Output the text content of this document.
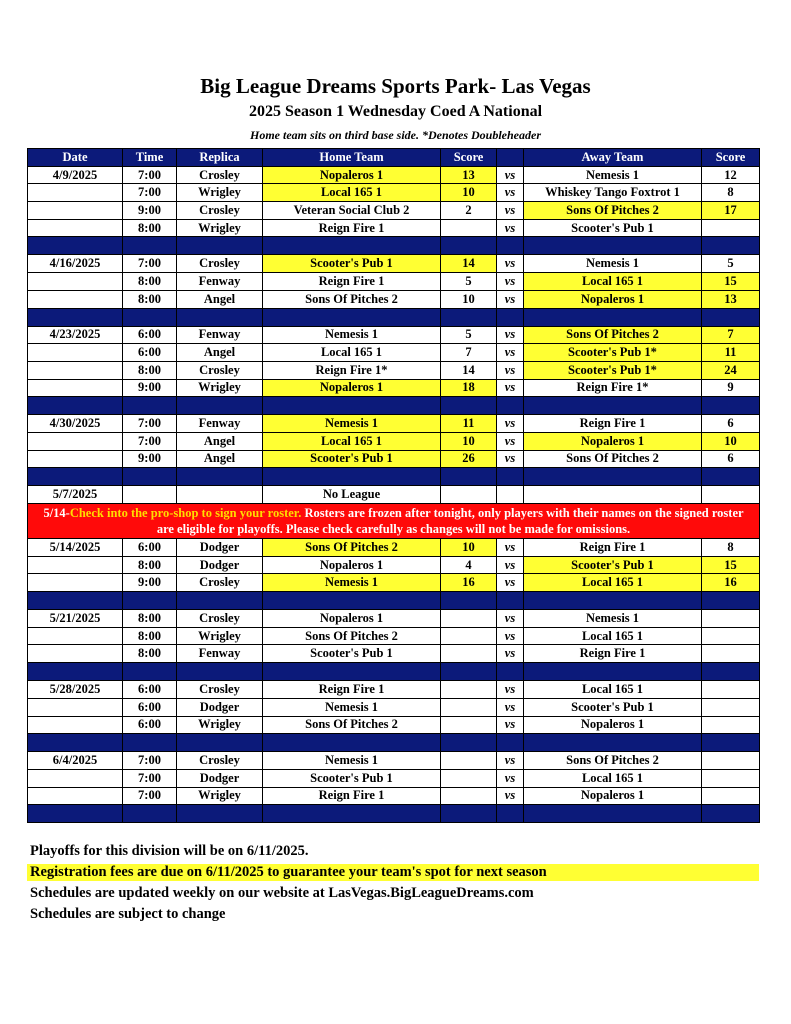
Big League Dreams Sports Park- Las Vegas
2025 Season 1 Wednesday Coed A National
Home team sits on third base side. *Denotes Doubleheader
Date	Time	Replica	Home Team	Score		Away Team	Score
4/9/2025	7:00	Crosley	Nopaleros 1	13	vs	Nemesis 1	12
	7:00	Wrigley	Local 165 1	10	vs	Whiskey Tango Foxtrot 1	8
	9:00	Crosley	Veteran Social Club 2	2	vs	Sons Of Pitches 2	17
	8:00	Wrigley	Reign Fire 1		vs	Scooter's Pub 1	

4/16/2025	7:00	Crosley	Scooter's Pub 1	14	vs	Nemesis 1	5
	8:00	Fenway	Reign Fire 1	5	vs	Local 165 1	15
	8:00	Angel	Sons Of Pitches 2	10	vs	Nopaleros 1	13

4/23/2025	6:00	Fenway	Nemesis 1	5	vs	Sons Of Pitches 2	7
	6:00	Angel	Local 165 1	7	vs	Scooter's Pub 1*	11
	8:00	Crosley	Reign Fire 1*	14	vs	Scooter's Pub 1*	24
	9:00	Wrigley	Nopaleros 1	18	vs	Reign Fire 1*	9

4/30/2025	7:00	Fenway	Nemesis 1	11	vs	Reign Fire 1	6
	7:00	Angel	Local 165 1	10	vs	Nopaleros 1	10
	9:00	Angel	Scooter's Pub 1	26	vs	Sons Of Pitches 2	6

5/7/2025			No League				
5/14-Check into the pro-shop to sign your roster. Rosters are frozen after tonight, only players with their names on the signed roster are eligible for playoffs. Please check carefully as changes will not be made for omissions.							
5/14/2025	6:00	Dodger	Sons Of Pitches 2	10	vs	Reign Fire 1	8
	8:00	Dodger	Nopaleros 1	4	vs	Scooter's Pub 1	15
	9:00	Crosley	Nemesis 1	16	vs	Local 165 1	16

5/21/2025	8:00	Crosley	Nopaleros 1		vs	Nemesis 1	
	8:00	Wrigley	Sons Of Pitches 2		vs	Local 165 1	
	8:00	Fenway	Scooter's Pub 1		vs	Reign Fire 1	

5/28/2025	6:00	Crosley	Reign Fire 1		vs	Local 165 1	
	6:00	Dodger	Nemesis 1		vs	Scooter's Pub 1	
	6:00	Wrigley	Sons Of Pitches 2		vs	Nopaleros 1	

6/4/2025	7:00	Crosley	Nemesis 1		vs	Sons Of Pitches 2	
	7:00	Dodger	Scooter's Pub 1		vs	Local 165 1	
	7:00	Wrigley	Reign Fire 1		vs	Nopaleros 1	

Playoffs for this division will be on 6/11/2025.
Registration fees are due on 6/11/2025 to guarantee your team's spot for next season
Schedules are updated weekly on our website at LasVegas.BigLeagueDreams.com
Schedules are subject to change
